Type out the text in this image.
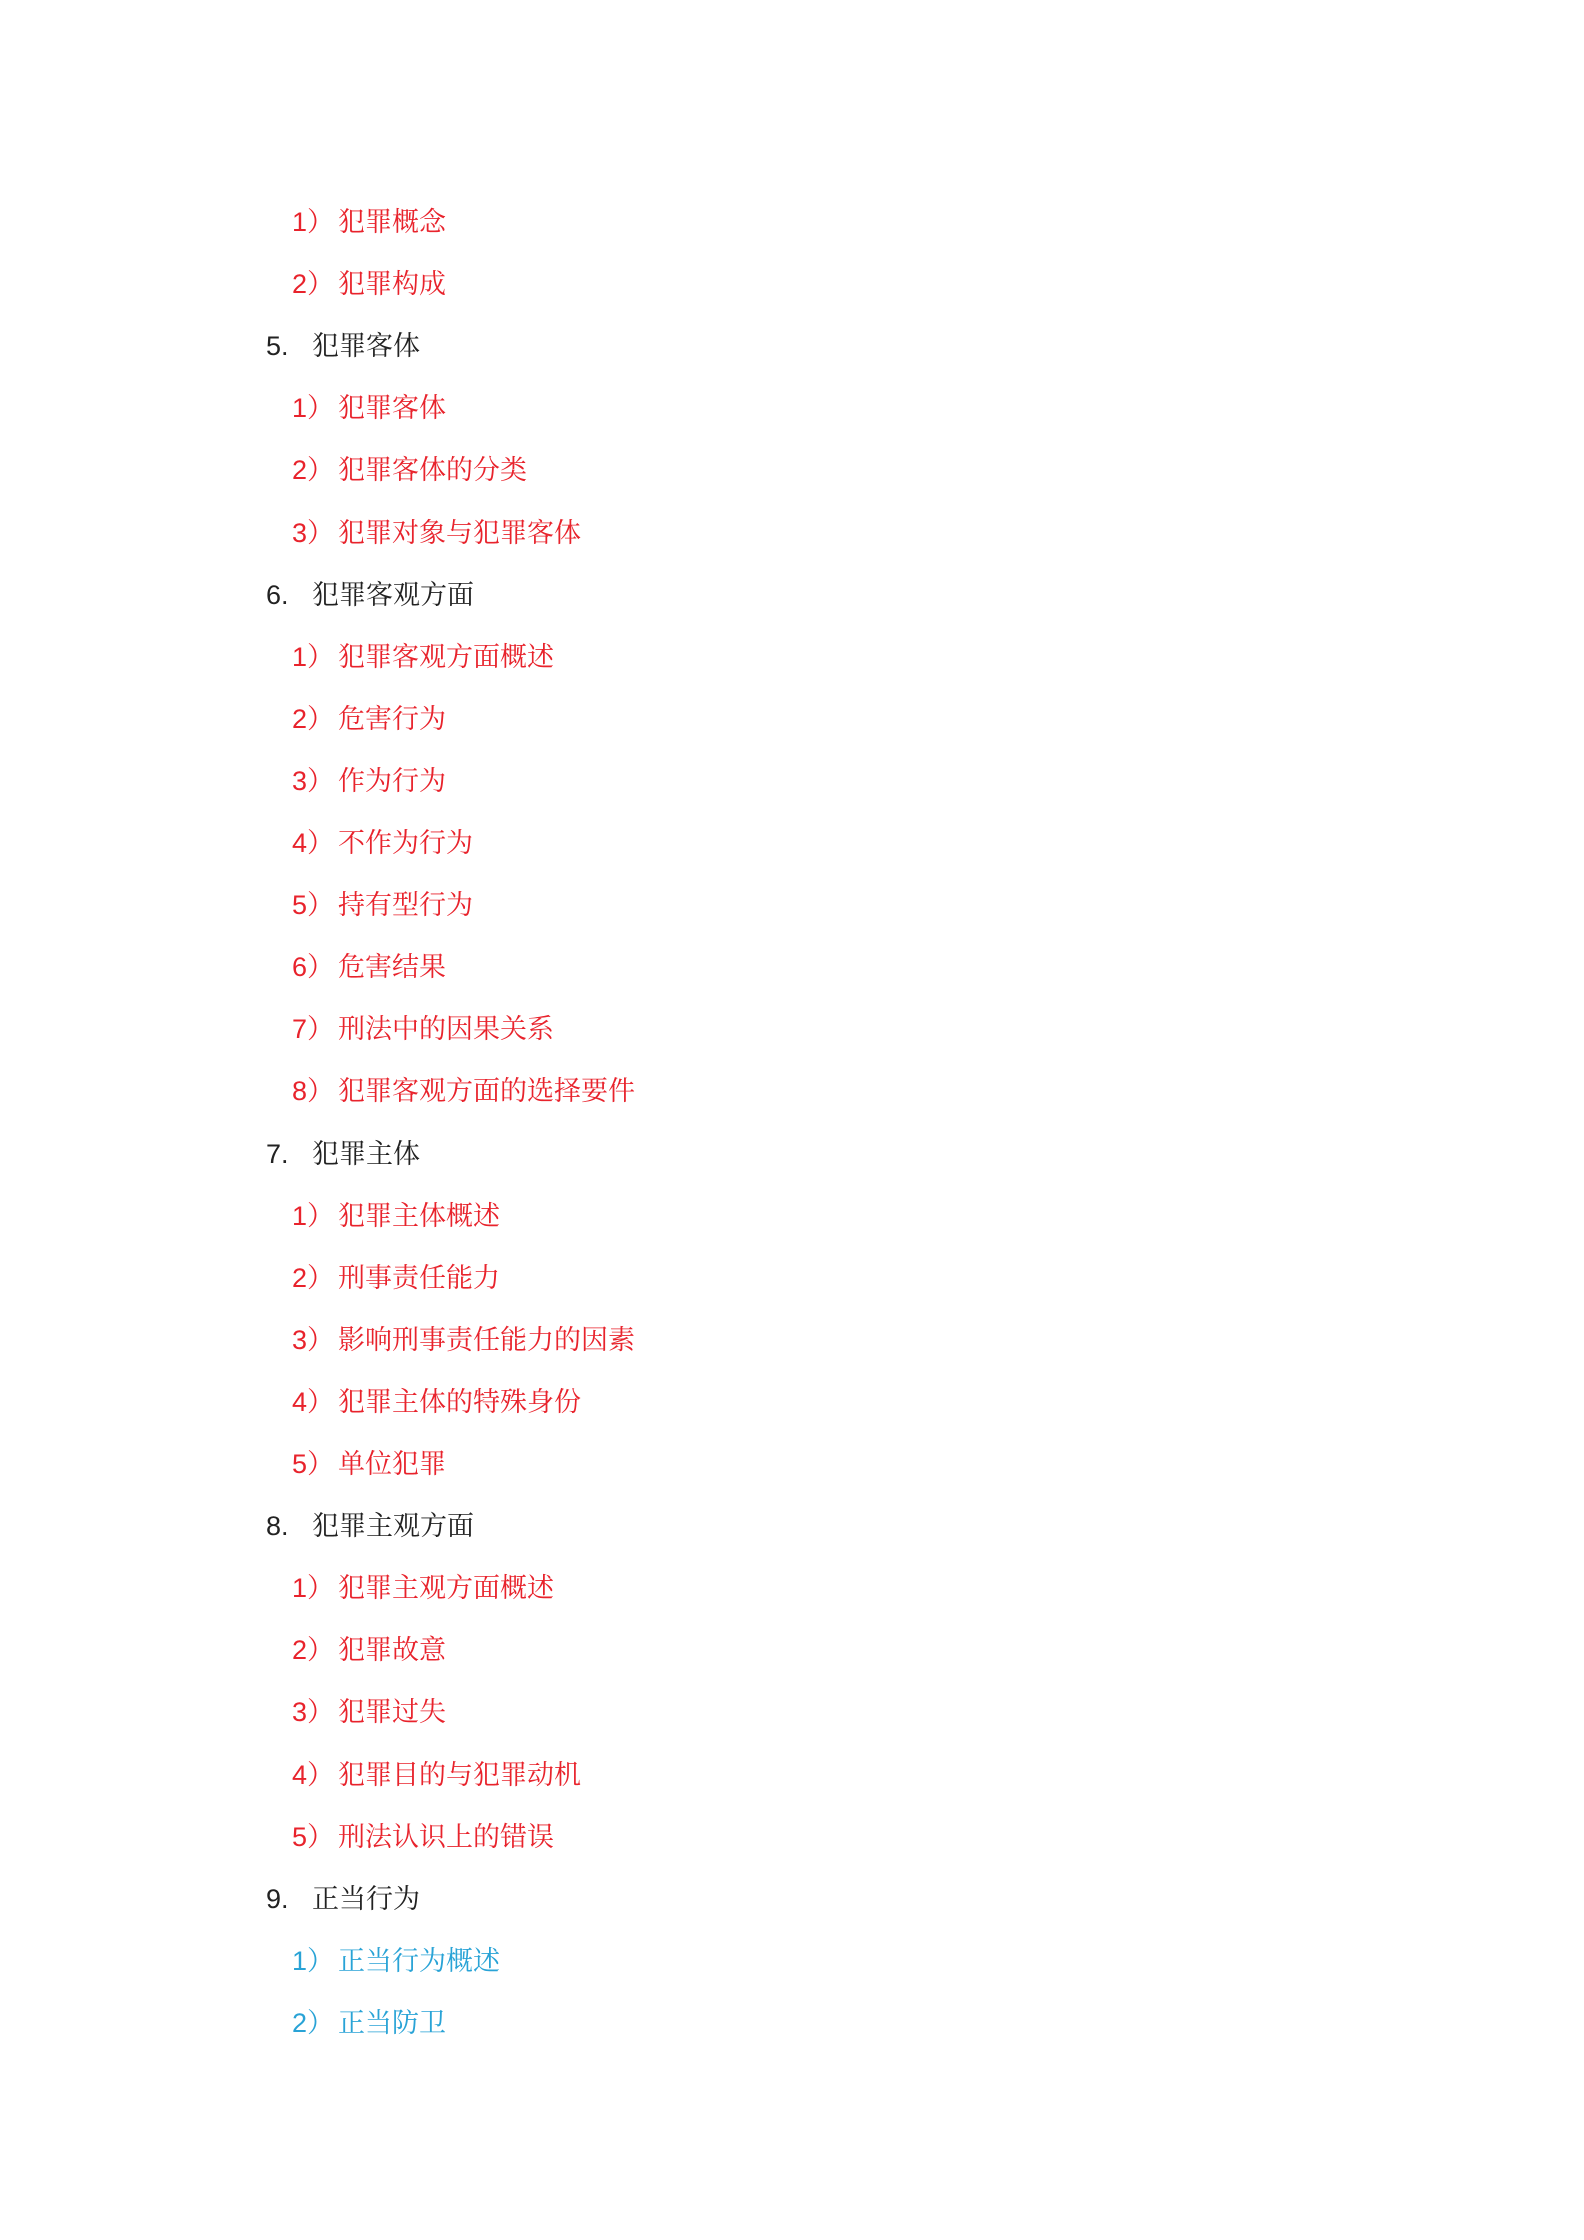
1） 犯罪概念
2） 犯罪构成
5. 犯罪客体
1） 犯罪客体
2） 犯罪客体的分类
3） 犯罪对象与犯罪客体
6. 犯罪客观方面
1） 犯罪客观方面概述
2） 危害行为
3） 作为行为
4） 不作为行为
5） 持有型行为
6） 危害结果
7） 刑法中的因果关系
8） 犯罪客观方面的选择要件
7. 犯罪主体
1） 犯罪主体概述
2） 刑事责任能力
3） 影响刑事责任能力的因素
4） 犯罪主体的特殊身份
5） 单位犯罪
8. 犯罪主观方面
1） 犯罪主观方面概述
2） 犯罪故意
3） 犯罪过失
4） 犯罪目的与犯罪动机
5） 刑法认识上的错误
9. 正当行为
1） 正当行为概述
2） 正当防卫
